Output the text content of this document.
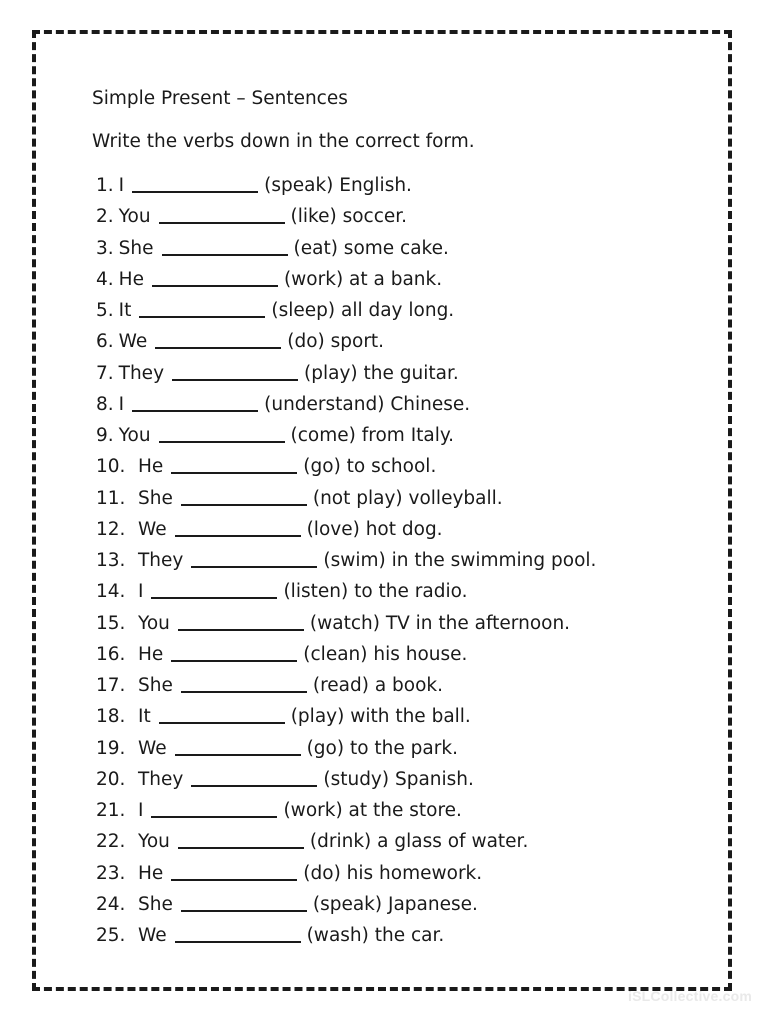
Simple Present – Sentences
Write the verbs down in the correct form.
1. I	(speak) English.
2. You	(like) soccer.
3. She	(eat) some cake.
4. He	(work) at a bank.
5. It	(sleep) all day long.
6. We	(do) sport.
7. They	(play) the guitar.
8. I	(understand) Chinese.
9. You	(come) from Italy.
10. He	(go) to school.
11. She	(not play) volleyball.
12. We	(love) hot dog.
13. They	(swim) in the swimming pool.
14. I	(listen) to the radio.
15. You	(watch) TV in the afternoon.
16. He	(clean) his house.
17. She	(read) a book.
18. It	(play) with the ball.
19. We	(go) to the park.
20. They	(study) Spanish.
21. I	(work) at the store.
22. You	(drink) a glass of water.
23. He	(do) his homework.
24. She	(speak) Japanese.
25. We	(wash) the car.
iSLCollective.com
